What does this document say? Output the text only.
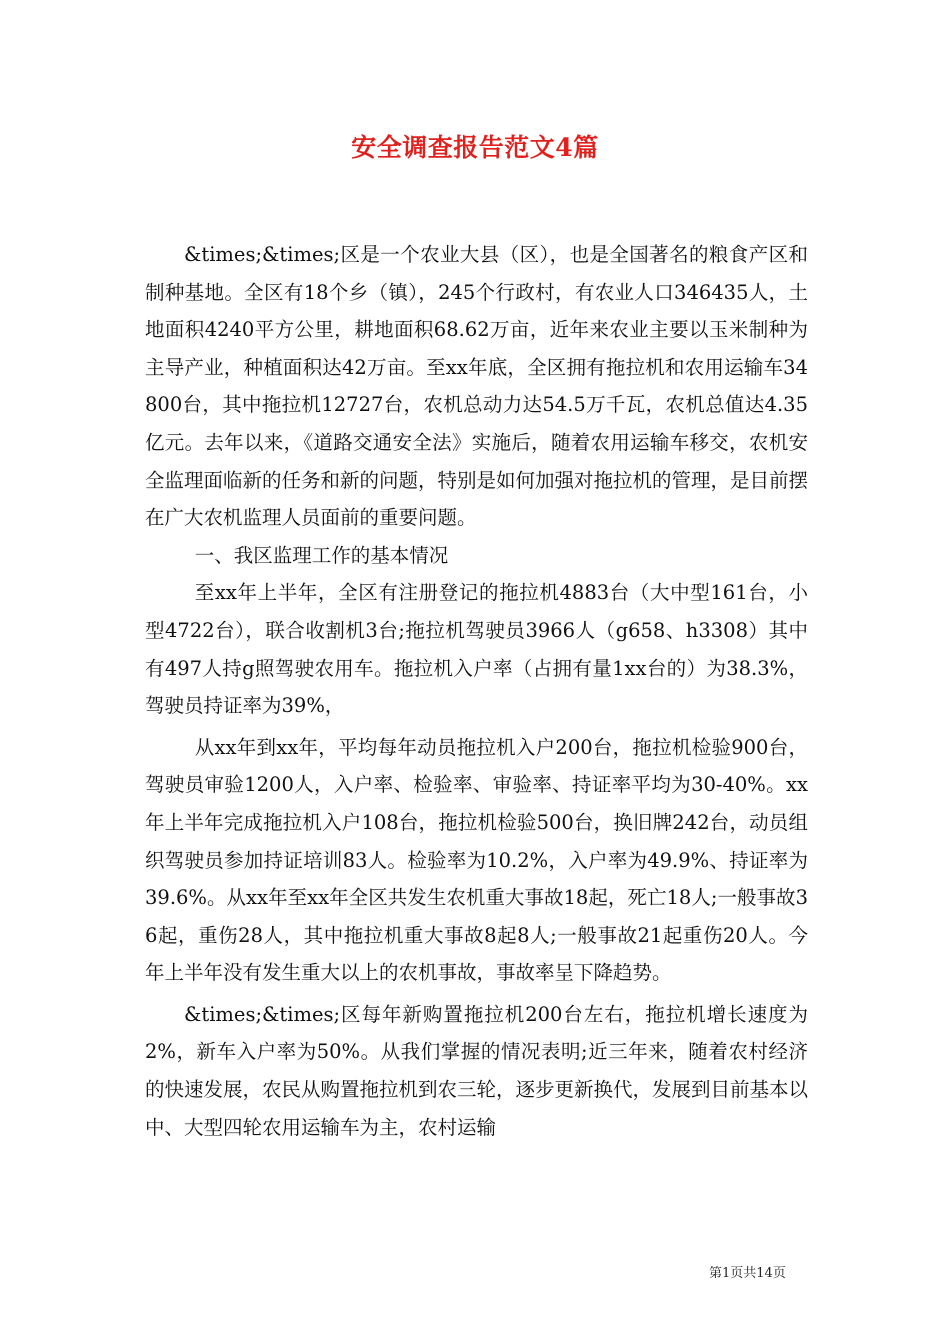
安全调查报告范文4篇

&times;&times;区是一个农业大县（区），也是全国著名的粮食产区和制种基地。全区有18个乡（镇），245个行政村，有农业人口346435人，土地面积4240平方公里，耕地面积68.62万亩，近年来农业主要以玉米制种为主导产业，种植面积达42万亩。至xx年底，全区拥有拖拉机和农用运输车34800台，其中拖拉机12727台，农机总动力达54.5万千瓦，农机总值达4.35亿元。去年以来，《道路交通安全法》实施后，随着农用运输车移交，农机安全监理面临新的任务和新的问题，特别是如何加强对拖拉机的管理，是目前摆在广大农机监理人员面前的重要问题。

一、我区监理工作的基本情况

至xx年上半年，全区有注册登记的拖拉机4883台（大中型161台，小型4722台），联合收割机3台;拖拉机驾驶员3966人（g658、h3308）其中有497人持g照驾驶农用车。拖拉机入户率（占拥有量1xx台的）为38.3%，驾驶员持证率为39%，

从xx年到xx年，平均每年动员拖拉机入户200台，拖拉机检验900台，驾驶员审验1200人，入户率、检验率、审验率、持证率平均为30-40%。xx年上半年完成拖拉机入户108台，拖拉机检验500台，换旧牌242台，动员组织驾驶员参加持证培训83人。检验率为10.2%，入户率为49.9%、持证率为39.6%。从xx年至xx年全区共发生农机重大事故18起，死亡18人;一般事故36起，重伤28人，其中拖拉机重大事故8起8人;一般事故21起重伤20人。今年上半年没有发生重大以上的农机事故，事故率呈下降趋势。

&times;&times;区每年新购置拖拉机200台左右，拖拉机增长速度为2%，新车入户率为50%。从我们掌握的情况表明;近三年来，随着农村经济的快速发展，农民从购置拖拉机到农三轮，逐步更新换代，发展到目前基本以中、大型四轮农用运输车为主，农村运输

第1页共14页
